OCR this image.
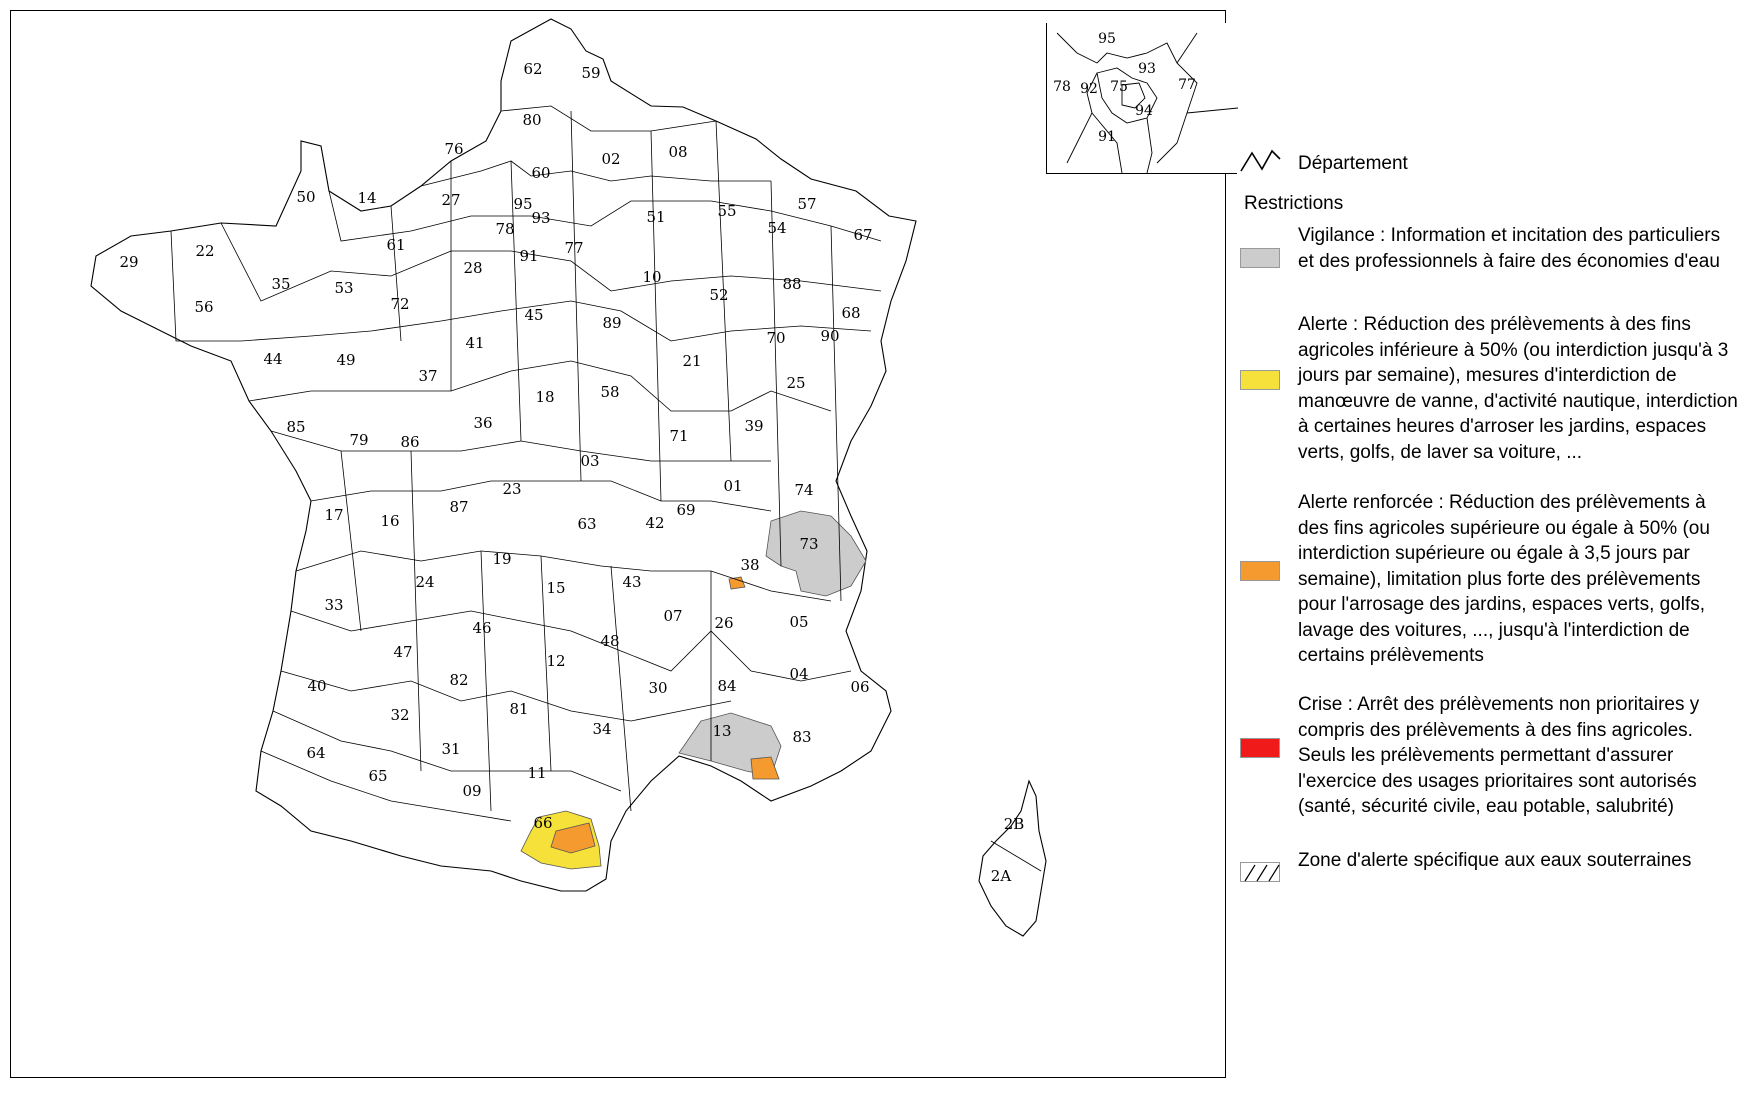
62	59
80
76
02	08
60
50	14	27	95
93	51	55	57
67
29
22	61
78
77
54
28
91
35	53
72
10
52
88
56	45	89
68
41	70 90
44	49
37
21
25
18	58
85	36
79 86	71
39
03
23
87
01	74
17 16	63	42
69
73
19	38
24	43
15
33
46
07 26	05
48
47	12
40	82	30	84
04
06
81
32
34	13	83
64	31
65	11
09
66	2B
2A
95
93
77
78 92 75
94
91
Département
Restrictions
Vigilance : Information et incitation des particuliers et des professionnels à faire des économies d'eau
Alerte : Réduction des prélèvements à des fins agricoles inférieure à 50% (ou interdiction jusqu'à 3 jours par semaine), mesures d'interdiction de manœuvre de vanne, d'activité nautique, interdiction à certaines heures d'arroser les jardins, espaces verts, golfs, de laver sa voiture, ...
Alerte renforcée : Réduction des prélèvements à des fins agricoles supérieure ou égale à 50% (ou interdiction supérieure ou égale à 3,5 jours par semaine), limitation plus forte des prélèvements pour l'arrosage des jardins, espaces verts, golfs, lavage des voitures, ..., jusqu'à l'interdiction de certains prélèvements
Crise : Arrêt des prélèvements non prioritaires y compris des prélèvements à des fins agricoles. Seuls les prélèvements permettant d'assurer l'exercice des usages prioritaires sont autorisés (santé, sécurité civile, eau potable, salubrité)
Zone d'alerte spécifique aux eaux souterraines
